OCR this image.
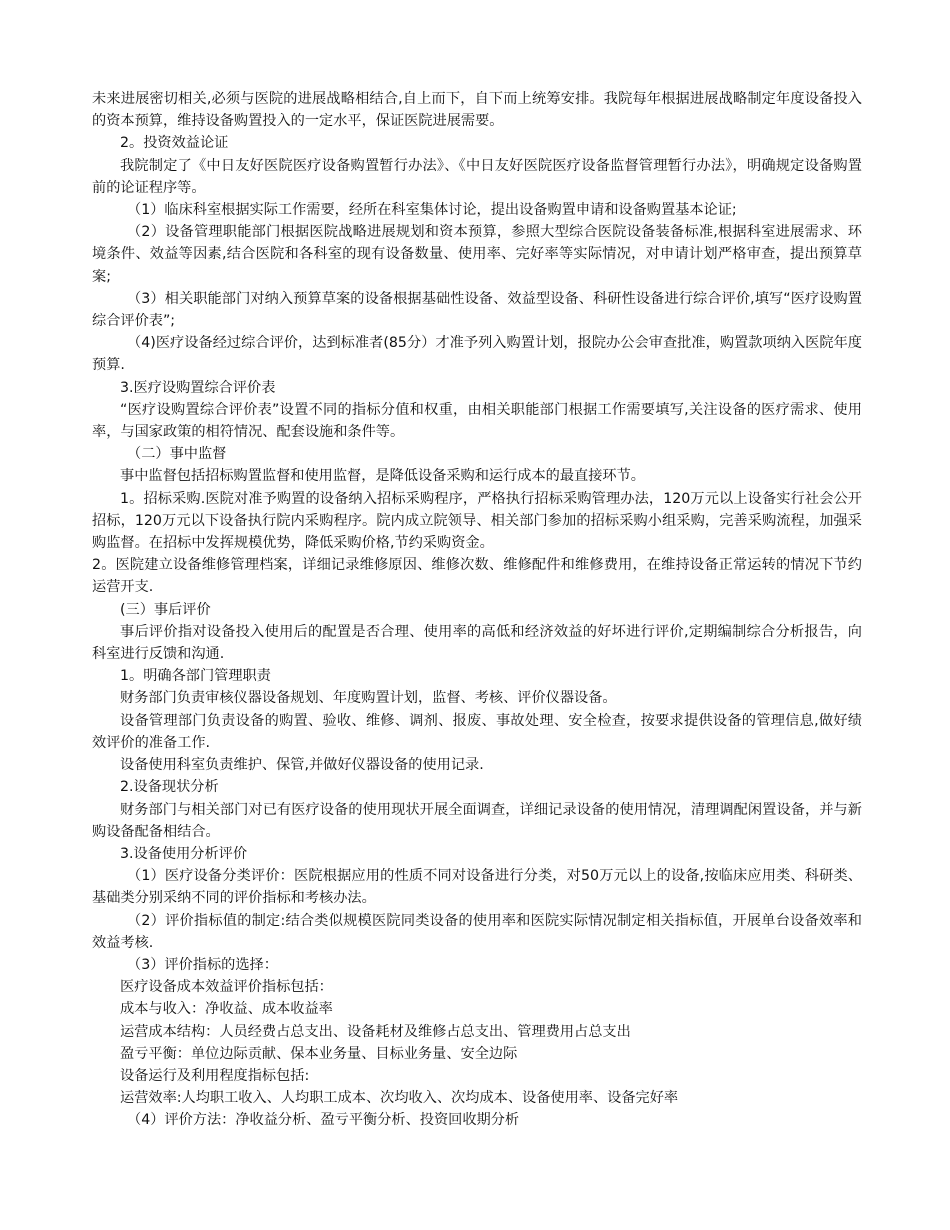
未来进展密切相关,必须与医院的进展战略相结合,自上而下，自下而上统筹安排。我院每年根据进展战略制定年度设备投入的资本预算，维持设备购置投入的一定水平，保证医院进展需要。

2。投资效益论证

我院制定了《中日友好医院医疗设备购置暂行办法》、《中日友好医院医疗设备监督管理暂行办法》，明确规定设备购置前的论证程序等。

（1）临床科室根据实际工作需要，经所在科室集体讨论，提出设备购置申请和设备购置基本论证;

（2）设备管理职能部门根据医院战略进展规划和资本预算，参照大型综合医院设备装备标准,根据科室进展需求、环境条件、效益等因素,结合医院和各科室的现有设备数量、使用率、完好率等实际情况，对申请计划严格审查，提出预算草案;

（3）相关职能部门对纳入预算草案的设备根据基础性设备、效益型设备、科研性设备进行综合评价,填写“医疗设购置综合评价表”;

（4)医疗设备经过综合评价，达到标准者(85分）才准予列入购置计划，报院办公会审查批准，购置款项纳入医院年度预算.

3.医疗设购置综合评价表

“医疗设购置综合评价表”设置不同的指标分值和权重，由相关职能部门根据工作需要填写,关注设备的医疗需求、使用率，与国家政策的相符情况、配套设施和条件等。

（二）事中监督

事中监督包括招标购置监督和使用监督，是降低设备采购和运行成本的最直接环节。

1。招标采购.医院对准予购置的设备纳入招标采购程序，严格执行招标采购管理办法，120万元以上设备实行社会公开招标，120万元以下设备执行院内采购程序。院内成立院领导、相关部门参加的招标采购小组采购，完善采购流程，加强采购监督。在招标中发挥规模优势，降低采购价格,节约采购资金。

2。医院建立设备维修管理档案，详细记录维修原因、维修次数、维修配件和维修费用，在维持设备正常运转的情况下节约运营开支.

(三）事后评价

事后评价指对设备投入使用后的配置是否合理、使用率的高低和经济效益的好坏进行评价,定期编制综合分析报告，向科室进行反馈和沟通.

1。明确各部门管理职责

财务部门负责审核仪器设备规划、年度购置计划，监督、考核、评价仪器设备。

设备管理部门负责设备的购置、验收、维修、调剂、报废、事故处理、安全检查，按要求提供设备的管理信息,做好绩效评价的准备工作.

设备使用科室负责维护、保管,并做好仪器设备的使用记录.

2.设备现状分析

财务部门与相关部门对已有医疗设备的使用现状开展全面调查，详细记录设备的使用情况，清理调配闲置设备，并与新购设备配备相结合。

3.设备使用分析评价

（1）医疗设备分类评价：医院根据应用的性质不同对设备进行分类，对50万元以上的设备,按临床应用类、科研类、基础类分别采纳不同的评价指标和考核办法。

（2）评价指标值的制定:结合类似规模医院同类设备的使用率和医院实际情况制定相关指标值，开展单台设备效率和效益考核.

（3）评价指标的选择：

医疗设备成本效益评价指标包括：

成本与收入：净收益、成本收益率

运营成本结构：人员经费占总支出、设备耗材及维修占总支出、管理费用占总支出

盈亏平衡：单位边际贡献、保本业务量、目标业务量、安全边际

设备运行及利用程度指标包括:

运营效率:人均职工收入、人均职工成本、次均收入、次均成本、设备使用率、设备完好率

（4）评价方法：净收益分析、盈亏平衡分析、投资回收期分析
